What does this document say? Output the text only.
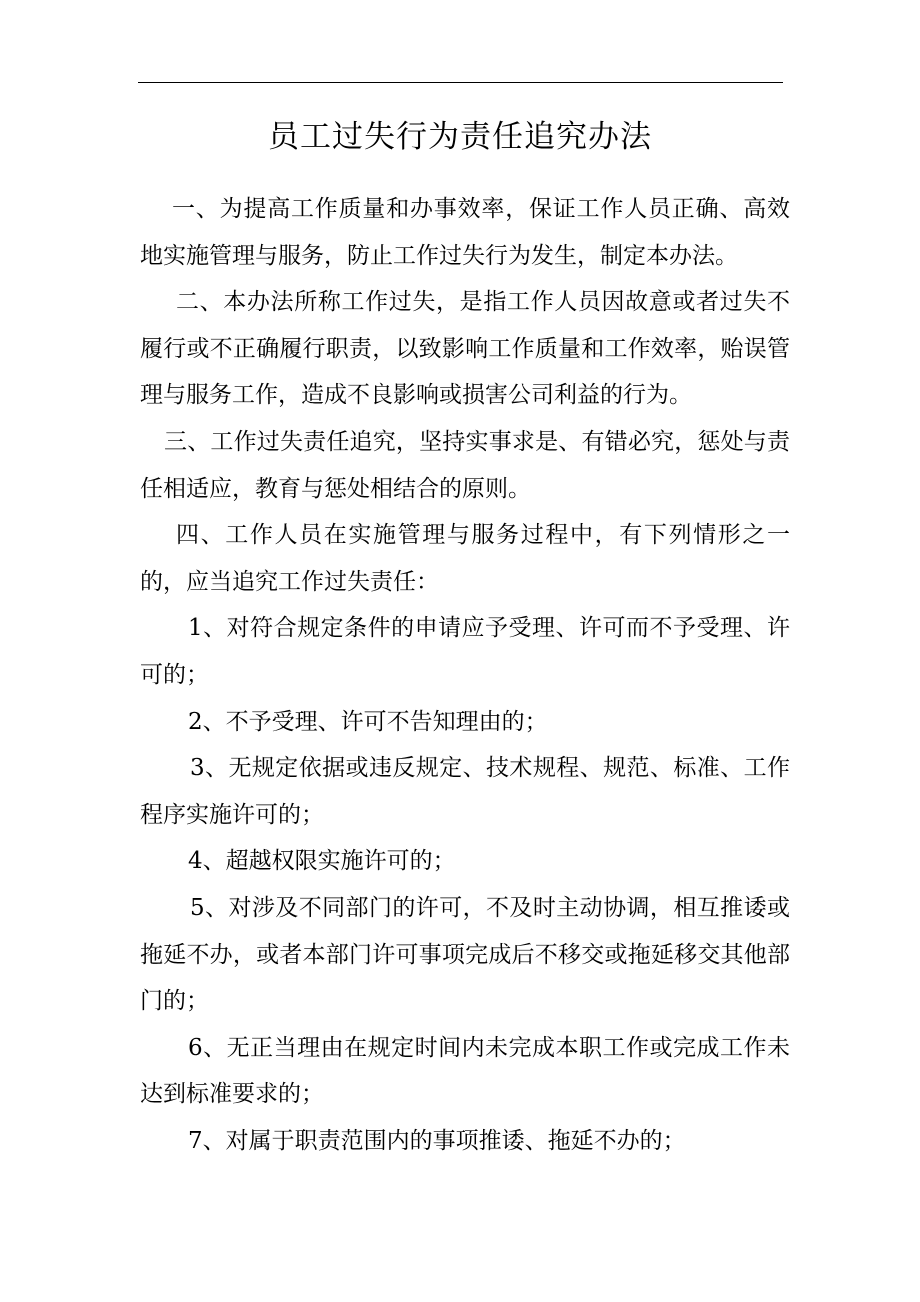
员工过失行为责任追究办法

一、为提高工作质量和办事效率，保证工作人员正确、高效地实施管理与服务，防止工作过失行为发生，制定本办法。

二、本办法所称工作过失，是指工作人员因故意或者过失不履行或不正确履行职责，以致影响工作质量和工作效率，贻误管理与服务工作，造成不良影响或损害公司利益的行为。

三、工作过失责任追究，坚持实事求是、有错必究，惩处与责任相适应，教育与惩处相结合的原则。

四、工作人员在实施管理与服务过程中，有下列情形之一的，应当追究工作过失责任：

1、对符合规定条件的申请应予受理、许可而不予受理、许可的；

2、不予受理、许可不告知理由的；

3、无规定依据或违反规定、技术规程、规范、标准、工作程序实施许可的；

4、超越权限实施许可的；

5、对涉及不同部门的许可，不及时主动协调，相互推诿或拖延不办，或者本部门许可事项完成后不移交或拖延移交其他部门的；

6、无正当理由在规定时间内未完成本职工作或完成工作未达到标准要求的；

7、对属于职责范围内的事项推诿、拖延不办的；
